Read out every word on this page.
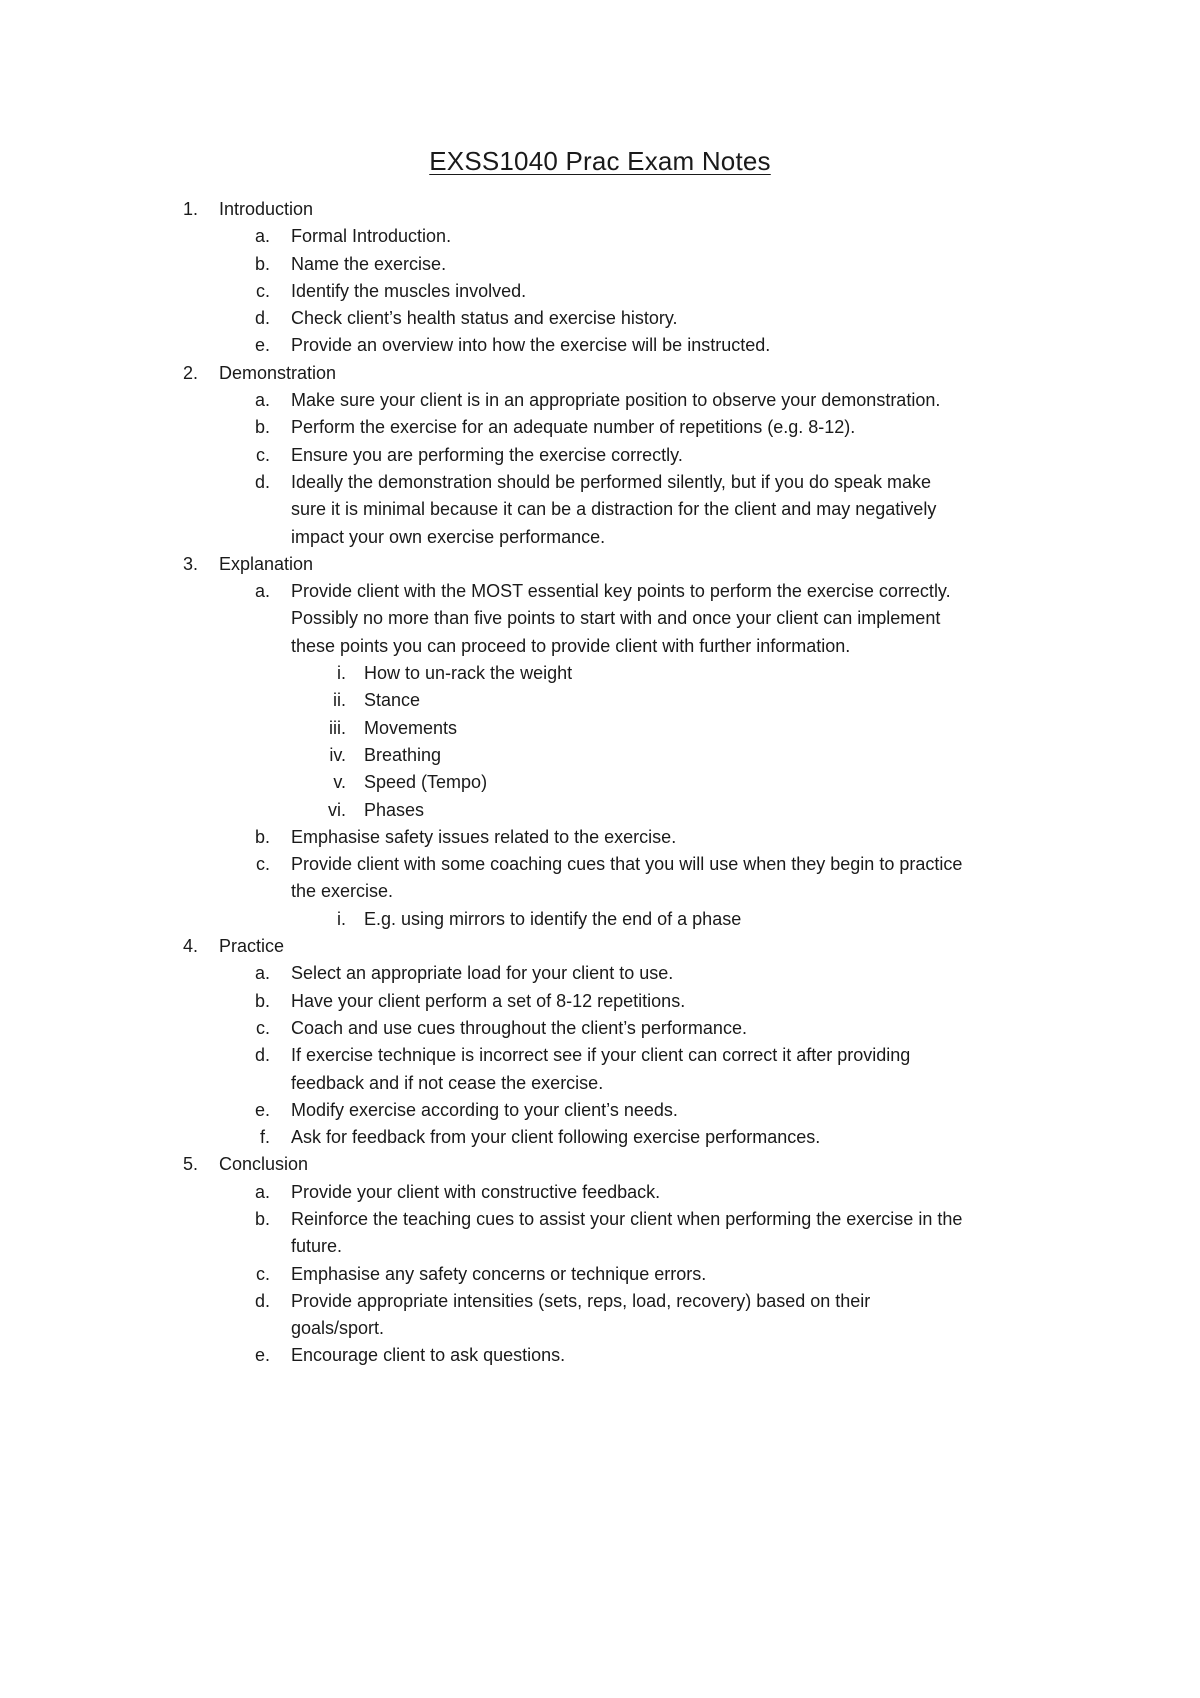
EXSS1040 Prac Exam Notes
1. Introduction
a. Formal Introduction.
b. Name the exercise.
c. Identify the muscles involved.
d. Check client’s health status and exercise history.
e. Provide an overview into how the exercise will be instructed.
2. Demonstration
a. Make sure your client is in an appropriate position to observe your demonstration.
b. Perform the exercise for an adequate number of repetitions (e.g. 8-12).
c. Ensure you are performing the exercise correctly.
d. Ideally the demonstration should be performed silently, but if you do speak make
sure it is minimal because it can be a distraction for the client and may negatively
impact your own exercise performance.
3. Explanation
a. Provide client with the MOST essential key points to perform the exercise correctly.
Possibly no more than five points to start with and once your client can implement
these points you can proceed to provide client with further information.
i. How to un-rack the weight
ii. Stance
iii. Movements
iv. Breathing
v. Speed (Tempo)
vi. Phases
b. Emphasise safety issues related to the exercise.
c. Provide client with some coaching cues that you will use when they begin to practice
the exercise.
i. E.g. using mirrors to identify the end of a phase
4. Practice
a. Select an appropriate load for your client to use.
b. Have your client perform a set of 8-12 repetitions.
c. Coach and use cues throughout the client’s performance.
d. If exercise technique is incorrect see if your client can correct it after providing
feedback and if not cease the exercise.
e. Modify exercise according to your client’s needs.
f. Ask for feedback from your client following exercise performances.
5. Conclusion
a. Provide your client with constructive feedback.
b. Reinforce the teaching cues to assist your client when performing the exercise in the
future.
c. Emphasise any safety concerns or technique errors.
d. Provide appropriate intensities (sets, reps, load, recovery) based on their
goals/sport.
e. Encourage client to ask questions.
